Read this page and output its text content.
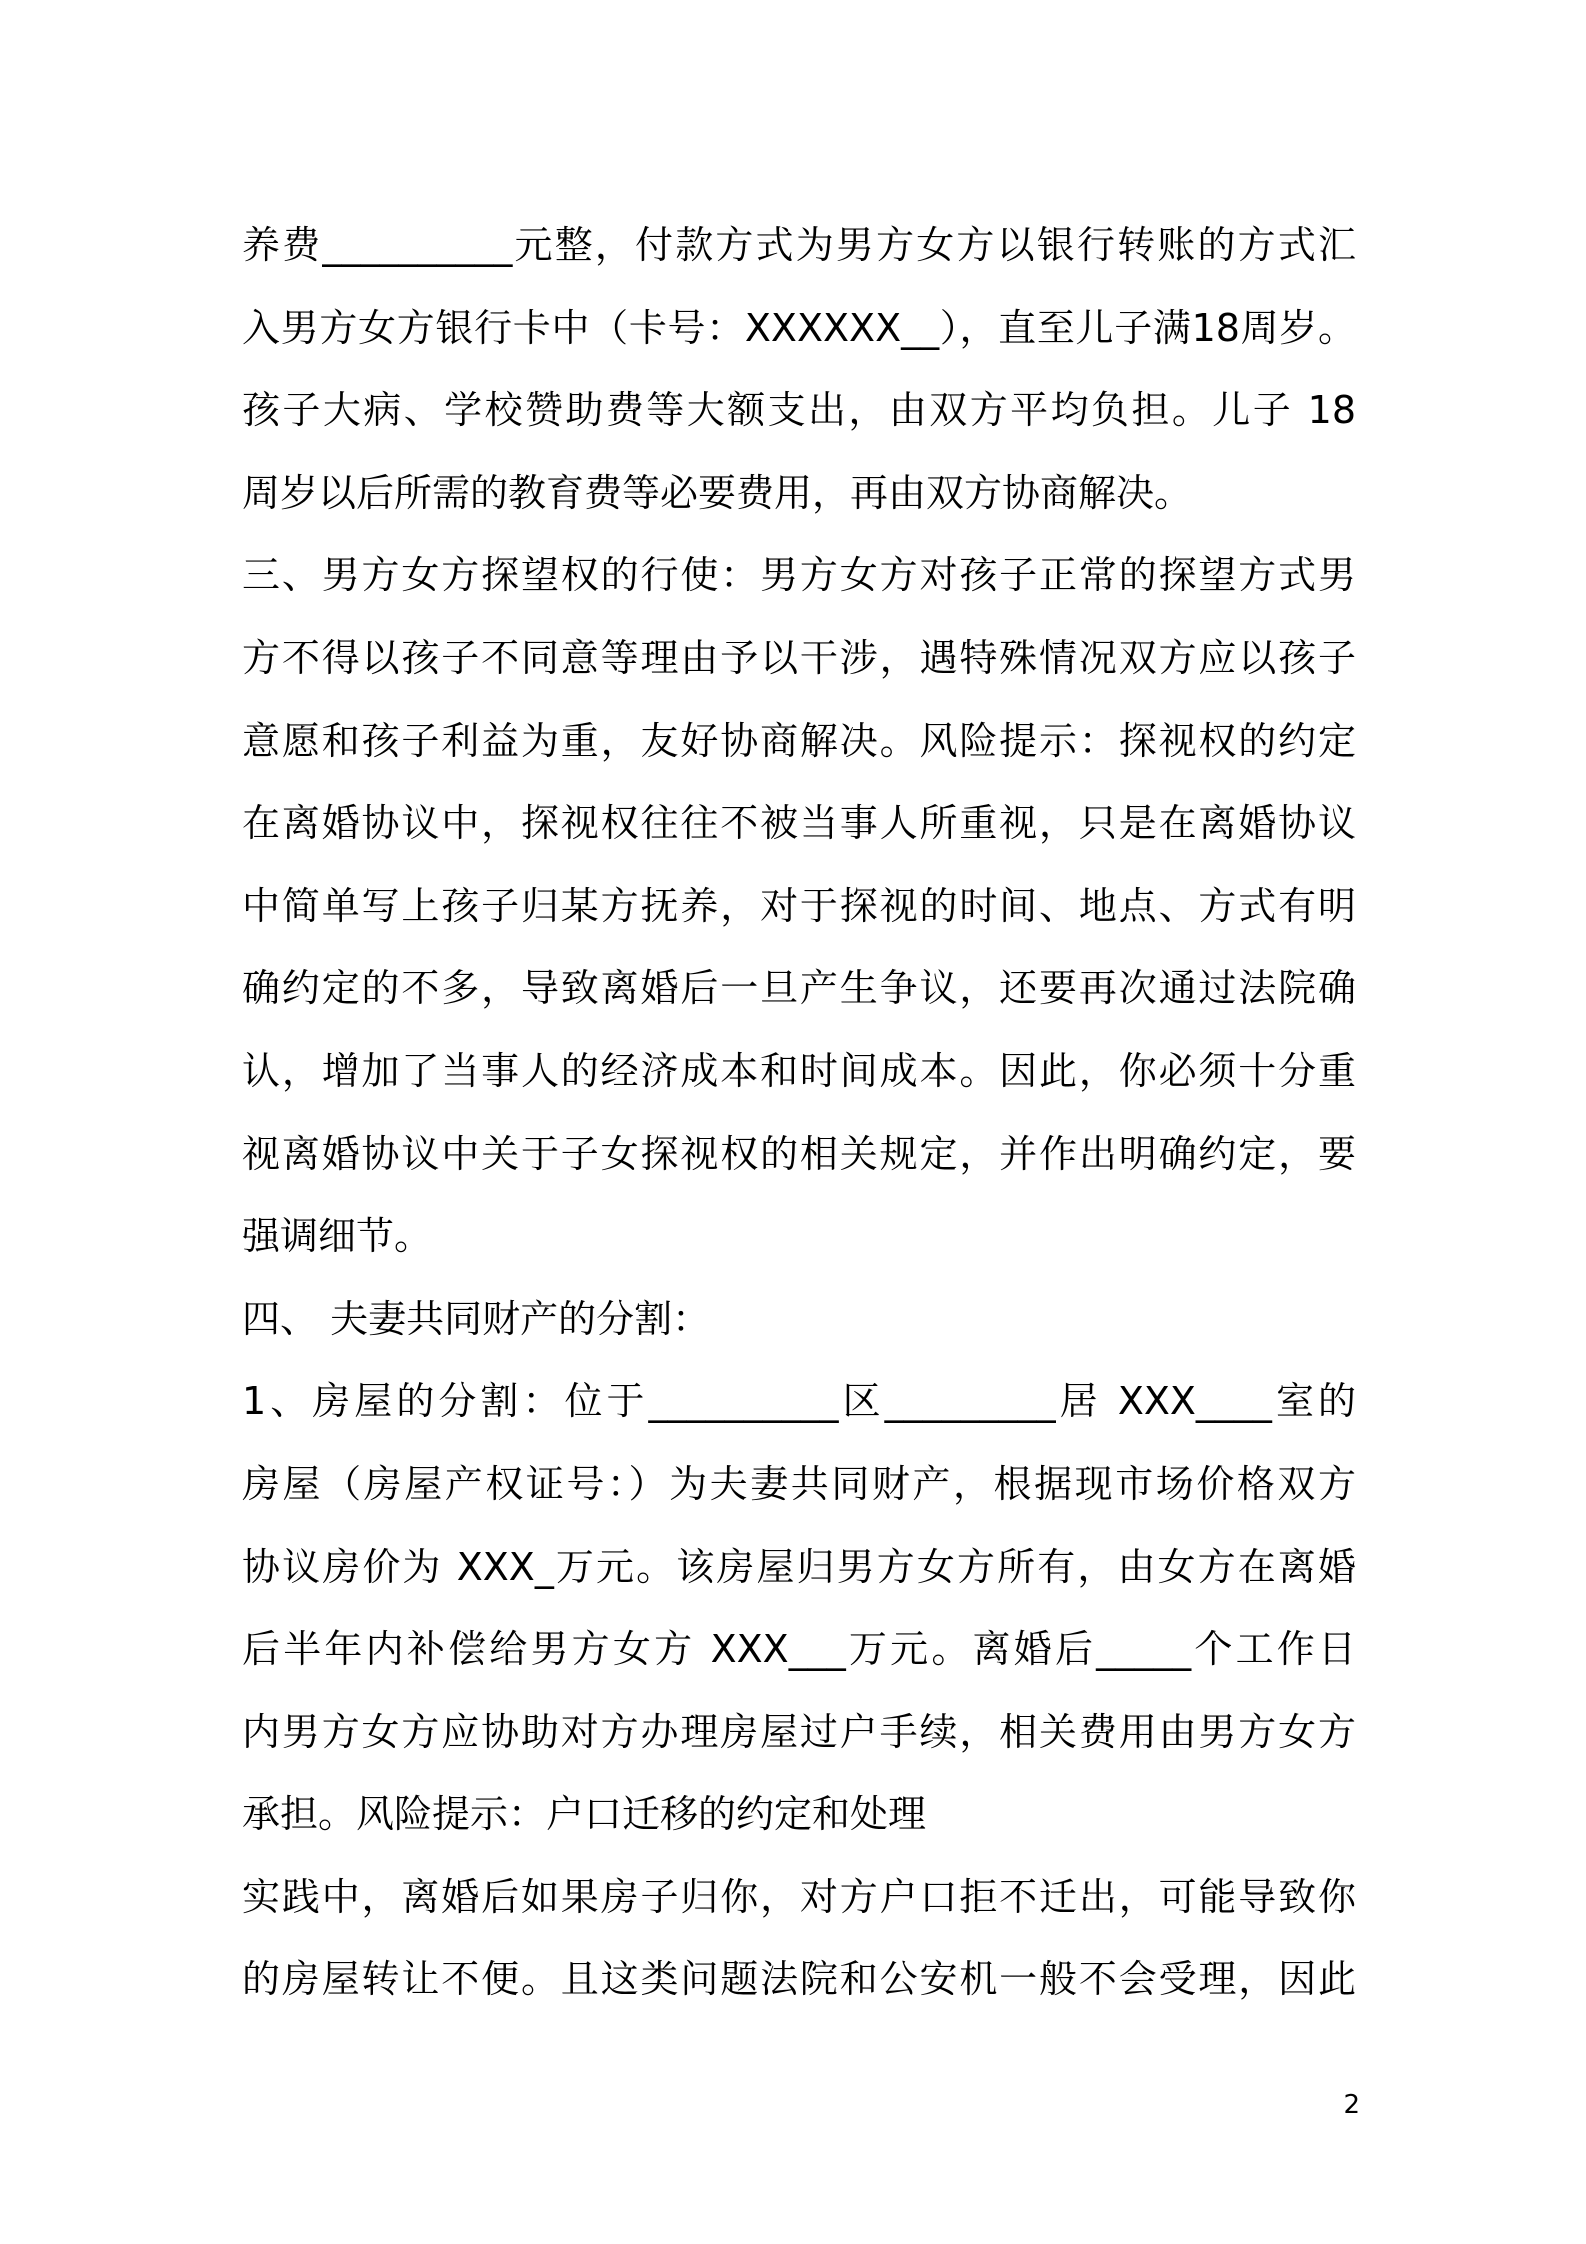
养费__________元整，付款方式为男方女方以银行转账的方式汇
入男方女方银行卡中（卡号：XXXXXX__），直至儿子满18周岁。
孩子大病、学校赞助费等大额支出，由双方平均负担。儿子 18
周岁以后所需的教育费等必要费用，再由双方协商解决。
三、男方女方探望权的行使：男方女方对孩子正常的探望方式男
方不得以孩子不同意等理由予以干涉，遇特殊情况双方应以孩子
意愿和孩子利益为重，友好协商解决。风险提示：探视权的约定
在离婚协议中，探视权往往不被当事人所重视，只是在离婚协议
中简单写上孩子归某方抚养，对于探视的时间、地点、方式有明
确约定的不多，导致离婚后一旦产生争议，还要再次通过法院确
认，增加了当事人的经济成本和时间成本。因此，你必须十分重
视离婚协议中关于子女探视权的相关规定，并作出明确约定，要
强调细节。
四、 夫妻共同财产的分割：
1、房屋的分割：位于__________区_________居 XXX____室的
房屋（房屋产权证号：）为夫妻共同财产，根据现市场价格双方
协议房价为 XXX_万元。该房屋归男方女方所有，由女方在离婚
后半年内补偿给男方女方 XXX___万元。离婚后_____个工作日
内男方女方应协助对方办理房屋过户手续，相关费用由男方女方
承担。风险提示：户口迁移的约定和处理
实践中，离婚后如果房子归你，对方户口拒不迁出，可能导致你
的房屋转让不便。且这类问题法院和公安机一般不会受理，因此
2
